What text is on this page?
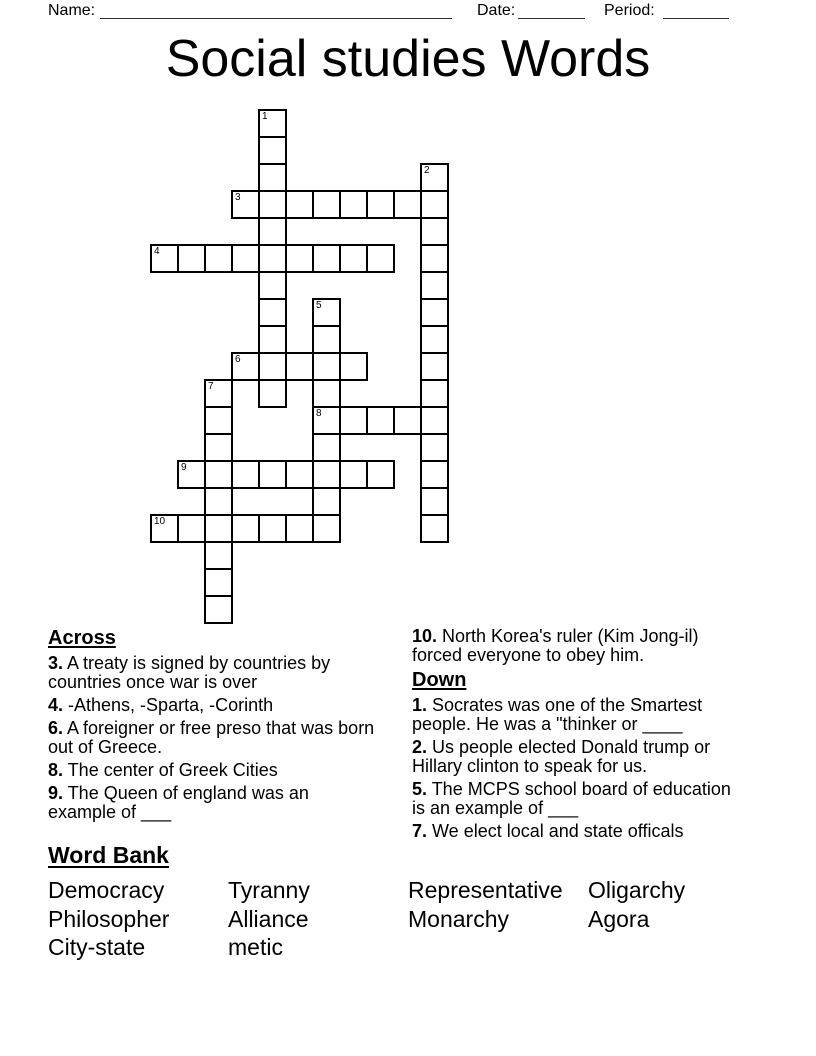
Name:	Date:	Period:
Social studies Words
1
2
3
4
5
8
6
7
9
10
Across

3. A treaty is signed by countries by
countries once war is over

4. -Athens, -Sparta, -Corinth

6. A foreigner or free preso that was born
out of Greece.

8. The center of Greek Cities

9. The Queen of england was an
example of ___

10. North Korea's ruler (Kim Jong-il)
forced everyone to obey him.

Down

1. Socrates was one of the Smartest
people. He was a "thinker or ____

2. Us people elected Donald trump or
Hillary clinton to speak for us.

5. The MCPS school board of education
is an example of ___

7. We elect local and state officals

Word Bank
Democracy	Tyranny	Representative	Oligarchy
Philosopher	Alliance	Monarchy	Agora
City-state	metic
